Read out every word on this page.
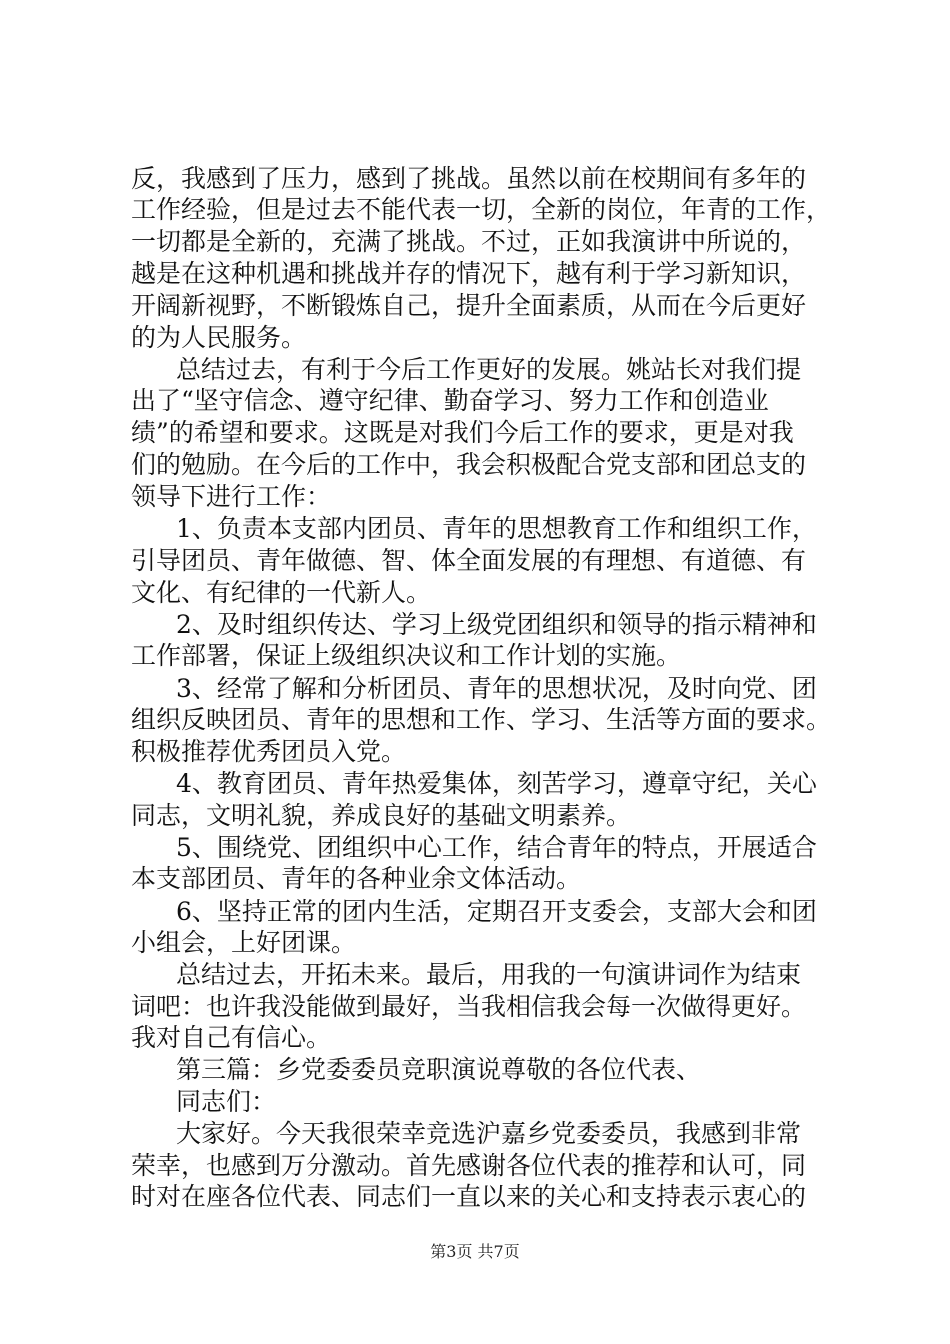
反，我感到了压力，感到了挑战。虽然以前在校期间有多年的
工作经验，但是过去不能代表一切，全新的岗位，年青的工作，
一切都是全新的，充满了挑战。不过，正如我演讲中所说的，
越是在这种机遇和挑战并存的情况下，越有利于学习新知识，
开阔新视野，不断锻炼自己，提升全面素质，从而在今后更好
的为人民服务。
总结过去，有利于今后工作更好的发展。姚站长对我们提
出了“坚守信念、遵守纪律、勤奋学习、努力工作和创造业
绩”的希望和要求。这既是对我们今后工作的要求，更是对我
们的勉励。在今后的工作中，我会积极配合党支部和团总支的
领导下进行工作：
1、负责本支部内团员、青年的思想教育工作和组织工作，
引导团员、青年做德、智、体全面发展的有理想、有道德、有
文化、有纪律的一代新人。
2、及时组织传达、学习上级党团组织和领导的指示精神和
工作部署，保证上级组织决议和工作计划的实施。
3、经常了解和分析团员、青年的思想状况，及时向党、团
组织反映团员、青年的思想和工作、学习、生活等方面的要求。
积极推荐优秀团员入党。
4、教育团员、青年热爱集体，刻苦学习，遵章守纪，关心
同志，文明礼貌，养成良好的基础文明素养。
5、围绕党、团组织中心工作，结合青年的特点，开展适合
本支部团员、青年的各种业余文体活动。
6、坚持正常的团内生活，定期召开支委会，支部大会和团
小组会，上好团课。
总结过去，开拓未来。最后，用我的一句演讲词作为结束
词吧：也许我没能做到最好，当我相信我会每一次做得更好。
我对自己有信心。
第三篇：乡党委委员竞职演说尊敬的各位代表、
同志们：
大家好。今天我很荣幸竞选沪嘉乡党委委员，我感到非常
荣幸，也感到万分激动。首先感谢各位代表的推荐和认可，同
时对在座各位代表、同志们一直以来的关心和支持表示衷心的
第3页 共7页
